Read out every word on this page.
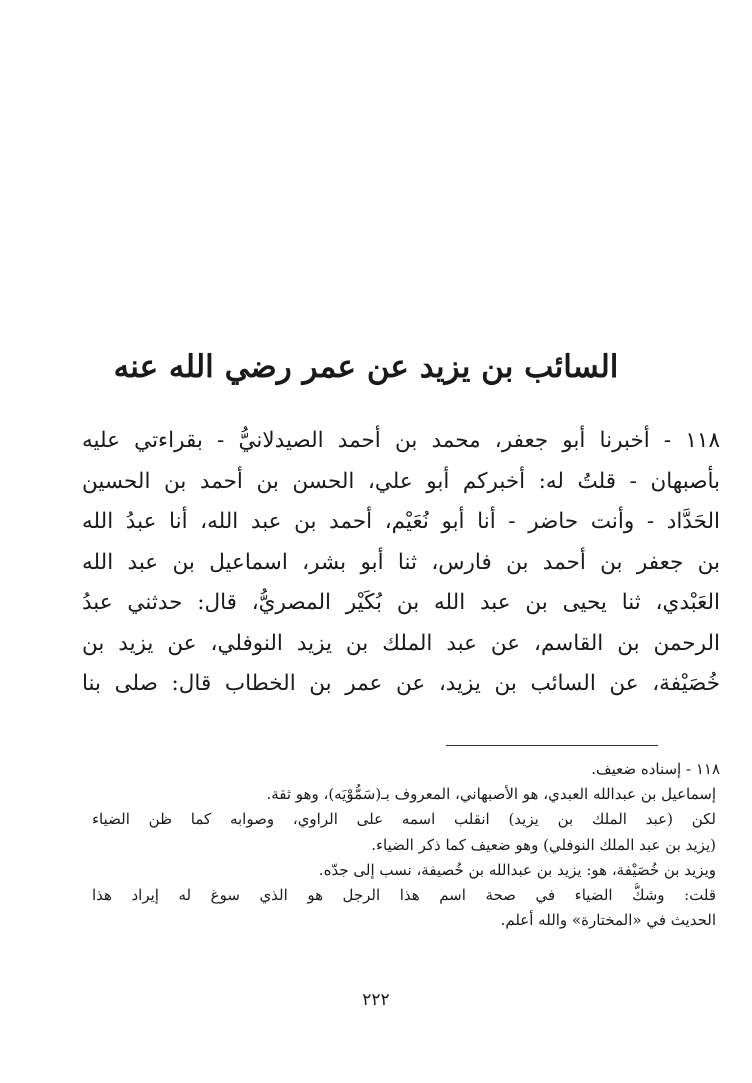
السائب بن يزيد عن عمر رضي الله عنه
١١٨ - أخبرنا أبو جعفر، محمد بن أحمد الصيدلانيُّ - بقراءتي عليه
بأصبهان - قلتُ له: أخبركم أبو علي، الحسن بن أحمد بن الحسين
الحَدَّاد - وأنت حاضر - أنا أبو نُعَيْم، أحمد بن عبد الله، أنا عبدُ الله
بن جعفر بن أحمد بن فارس، ثنا أبو بشر، اسماعيل بن عبد الله
العَبْدي، ثنا يحيى بن عبد الله بن بُكَيْر المصريُّ، قال: حدثني عبدُ
الرحمن بن القاسم، عن عبد الملك بن يزيد النوفلي، عن يزيد بن
خُصَيْفة، عن السائب بن يزيد، عن عمر بن الخطاب قال: صلى بنا
١١٨ - إسناده ضعيف.
إسماعيل بن عبدالله العبدي، هو الأصبهاني، المعروف بـ(سَمُّوْيَه)، وهو ثقة.
لكن (عبد الملك بن يزيد) انقلب اسمه على الراوي، وصوابه كما ظن الضياء
(يزيد بن عبد الملك النوفلي) وهو ضعيف كما ذكر الضياء.
ويزيد بن خُصَيْفة، هو: يزيد بن عبدالله بن خُصيفة، نسب إلى جدّه.
قلت: وشكُّ الضياء في صحة اسم هذا الرجل هو الذي سوغ له إيراد هذا
الحديث في «المختارة» والله أعلم.
٢٢٢
